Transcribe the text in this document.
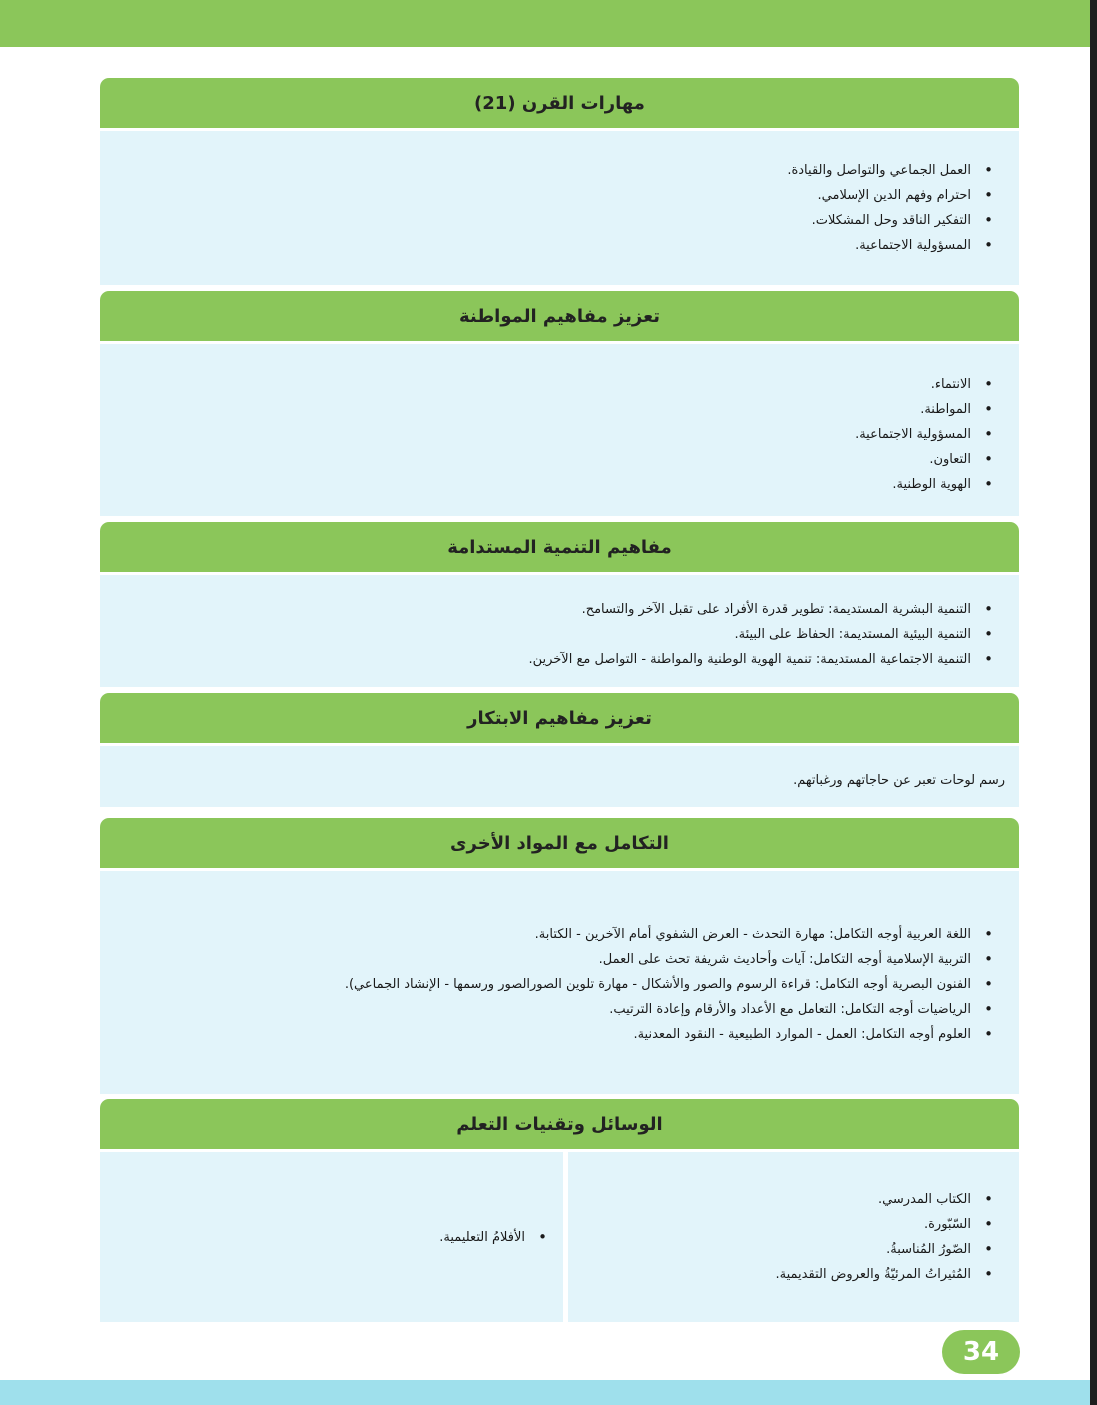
مهارات القرن (21)
• العمل الجماعي والتواصل والقيادة.
• احترام وفهم الدين الإسلامي.
• التفكير الناقد وحل المشكلات.
• المسؤولية الاجتماعية.
تعزيز مفاهيم المواطنة
• الانتماء.
• المواطنة.
• المسؤولية الاجتماعية.
• التعاون.
• الهوية الوطنية.
مفاهيم التنمية المستدامة
• التنمية البشرية المستديمة: تطوير قدرة الأفراد على تقبل الآخر والتسامح.
• التنمية البيئية المستديمة: الحفاظ على البيئة.
• التنمية الاجتماعية المستديمة: تنمية الهوية الوطنية والمواطنة - التواصل مع الآخرين.
تعزيز مفاهيم الابتكار
رسم لوحات تعبر عن حاجاتهم ورغباتهم.
التكامل مع المواد الأخرى
• اللغة العربية أوجه التكامل: مهارة التحدث - العرض الشفوي أمام الآخرين - الكتابة.
• التربية الإسلامية أوجه التكامل: آيات وأحاديث شريفة تحث على العمل.
• الفنون البصرية أوجه التكامل: قراءة الرسوم والصور والأشكال - مهارة تلوين الصورالصور ورسمها - الإنشاد الجماعي).
• الرياضيات أوجه التكامل: التعامل مع الأعداد والأرقام وإعادة الترتيب.
• العلوم أوجه التكامل: العمل - الموارد الطبيعية - النقود المعدنية.
الوسائل وتقنيات التعلم
• الكتاب المدرسي.
• السّبّورة.
• الصّورُ المُناسبةُ.
• المُثيراتُ المرئيّةُ والعروض التقديمية.
• الأفلامُ التعليمية.
34
